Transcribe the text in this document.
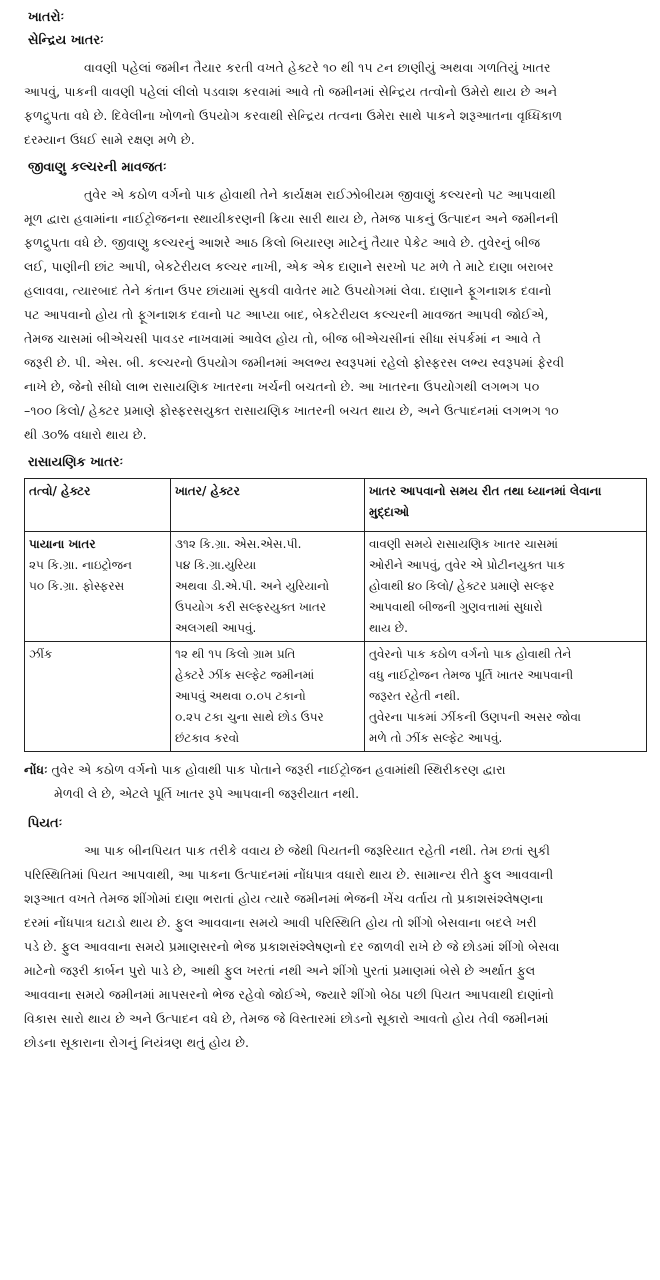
ખાતરોઃ
સેન્દ્રિય ખાતરઃ
વાવણી પહેલાં જમીન તૈયાર કરતી વખતે હેક્ટરે ૧૦ થી ૧૫ ટન છાણીયું અથવા ગળતિયું ખાતર
આપવું, પાકની વાવણી પહેલાં લીલો પડવાશ કરવામાં આવે તો જમીનમાં સેન્દ્રિય તત્વોનો ઉમેરો થાય છે અને
ફળદ્રુપતા વધે છે. દિવેલીના ખોળનો ઉપયોગ કરવાથી સેન્દ્રિય તત્વના ઉમેરા સાથે પાકને શરૂઆતના વૃધ્ધિકાળ
દરમ્યાન ઉધઈ સામે રક્ષણ મળે છે.
જીવાણુ કલ્ચરની માવજતઃ
તુવેર એ કઠોળ વર્ગનો પાક હોવાથી તેને કાર્યક્ષમ રાઈઝોબીયમ જીવાણું કલ્ચરનો પટ આપવાથી
મૂળ દ્વારા હવામાંના નાઈટ્રોજનના સ્થાયીકરણની ક્રિયા સારી થાય છે, તેમજ પાકનું ઉત્પાદન અને જમીનની
ફળદ્રુપતા વધે છે. જીવાણુ કલ્ચરનું આશરે આઠ કિલો બિયારણ માટેનું તૈયાર પેકેટ આવે છે. તુવેરનું બીજ
લઈ, પાણીની છાંટ આપી, બેકટેરીયલ કલ્ચર નાખી, એક એક દાણાને સરખો પટ મળે તે માટે દાણા બરાબર
હલાવવા, ત્યારબાદ તેને કંતાન ઉપર છાંયામાં સુકવી વાવેતર માટે ઉપયોગમાં લેવા. દાણાને ફૂગનાશક દવાનો
પટ આપવાનો હોય તો ફૂગનાશક દવાનો પટ આપ્યા બાદ, બેકટેરીયલ કલ્ચરની માવજત આપવી જોઈએ,
તેમજ ચાસમાં બીએચસી પાવડર નાખવામાં આવેલ હોય તો, બીજ બીએચસીનાં સીધા સંપર્કમાં ન આવે તે
જરૂરી છે. પી. એસ. બી. કલ્ચરનો ઉપયોગ જમીનમાં અલભ્ય સ્વરૂપમાં રહેલો ફોસ્ફરસ લભ્ય સ્વરૂપમાં ફેરવી
નાખે છે, જેનો સીધો લાભ રાસાયણિક ખાતરના ખર્ચની બચતનો છે. આ ખાતરના ઉપયોગથી લગભગ ૫૦
–૧૦૦ કિલો/ હેક્ટર પ્રમાણે ફોસ્ફરસયુક્ત રાસાયણિક ખાતરની બચત થાય છે, અને ઉત્પાદનમાં લગભગ ૧૦
થી ૩૦% વધારો થાય છે.
રાસાયણિક ખાતરઃ
તત્વો/ હેક્ટર	ખાતર/ હેક્ટર	ખાતર આપવાનો સમય રીત તથા ધ્યાનમાં લેવાના મુદ્દાઓ

પાયાના ખાતર
૨૫ કિ.ગ્રા. નાઇટ્રોજન
૫૦ કિ.ગ્રા. ફોસ્ફરસ	૩૧૨ કિ.ગ્રા. એસ.એસ.પી.
૫૪ કિ.ગ્રા.યુરિયા
અથવા ડી.એ.પી. અને યુરિયાનો
ઉપયોગ કરી સલ્ફરયુક્ત ખાતર
અલગથી આપવું.	વાવણી સમયે રાસાયણિક ખાતર ચાસમાં
ઓરીને આપવું, તુવેર એ પ્રોટીનયુક્ત પાક
હોવાથી ૪૦ કિલો/ હેક્ટર પ્રમાણે સલ્ફર
આપવાથી બીજની ગુણવત્તામાં સુધારો
થાય છે.

ઝીંક	૧૨ થી ૧૫ કિલો ગ્રામ પ્રતિ
હેક્ટરે ઝીંક સલ્ફેટ જમીનમાં
આપવું અથવા ૦.૦૫ ટકાનો
૦.૨૫ ટકા ચુના સાથે છોડ ઉપર
છંટકાવ કરવો	તુવેરનો પાક કઠોળ વર્ગનો પાક હોવાથી તેને
વધુ નાઈટ્રોજન તેમજ પૂર્તિ ખાતર આપવાની
જરૂરત રહેતી નથી.
તુવેરના પાકમાં ઝીંકની ઉણપની અસર જોવા
મળે તો ઝીંક સલ્ફેટ આપવું.
નોંધઃ તુવેર એ કઠોળ વર્ગનો પાક હોવાથી પાક પોતાને જરૂરી નાઈટ્રોજન હવામાંથી સ્થિરીકરણ દ્વારા
મેળવી લે છે, એટલે પૂર્તિ ખાતર રૂપે આપવાની જરૂરીયાત નથી.
પિયતઃ
આ પાક બીનપિયત પાક તરીકે વવાય છે જેથી પિયતની જરૂરિયાત રહેતી નથી. તેમ છતાં સુકી
પરિસ્થિતિમાં પિયત આપવાથી, આ પાકના ઉત્પાદનમાં નોંધપાત્ર વધારો થાય છે. સામાન્ય રીતે ફુલ આવવાની
શરૂઆત વખતે તેમજ શીંગોમાં દાણા ભરાતાં હોય ત્યારે જમીનમાં ભેજની ખેંચ વર્તાય તો પ્રકાશસંશ્લેષણના
દરમાં નોંધપાત્ર ઘટાડો થાય છે. ફુલ આવવાના સમયે આવી પરિસ્થિતિ હોય તો શીંગો બેસવાના બદલે ખરી
પડે છે. ફુલ આવવાના સમયે પ્રમાણસરનો ભેજ પ્રકાશસંશ્લેષણનો દર જાળવી રાખે છે જે છોડમાં શીંગો બેસવા
માટેનો જરૂરી કાર્બન પુરો પાડે છે, આથી ફુલ ખરતાં નથી અને શીંગો પુરતાં પ્રમાણમાં બેસે છે અર્થાત ફુલ
આવવાના સમયે જમીનમાં માપસરનો ભેજ રહેવો જોઈએ, જ્યારે શીંગો બેઠા પછી પિયત આપવાથી દાણાંનો
વિકાસ સારો થાય છે અને ઉત્પાદન વધે છે, તેમજ જે વિસ્તારમાં છોડનો સૂકારો આવતો હોય તેવી જમીનમાં
છોડના સૂકારાના રોગનું નિયંત્રણ થતું હોય છે.
